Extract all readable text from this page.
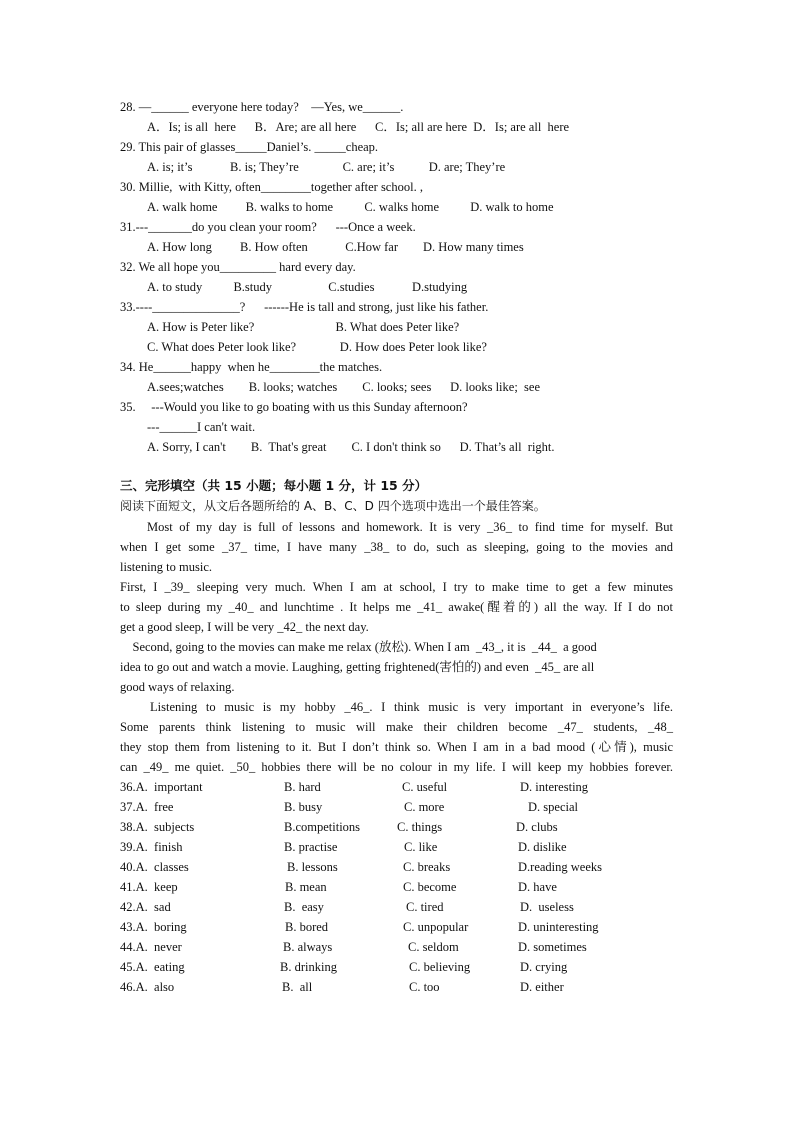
28. —______ everyone here today?    —Yes, we______.
A．Is; is all  here      B．Are; are all here      C．Is; all are here  D．Is; are all  here
29. This pair of glasses_____Daniel’s. _____cheap.
A. is; it’s            B. is; They’re              C. are; it’s           D. are; They’re
30. Millie,  with Kitty, often________together after school. ,
A. walk home         B. walks to home          C. walks home          D. walk to home
31.---_______do you clean your room?      ---Once a week.
A. How long         B. How often            C.How far        D. How many times
32. We all hope you_________ hard every day.
A. to study          B.study                  C.studies            D.studying
33.----______________?      ------He is tall and strong, just like his father.
A. How is Peter like?                          B. What does Peter like?
C. What does Peter look like?              D. How does Peter look like?
34. He______happy  when he________the matches.
A.sees;watches        B. looks; watches        C. looks; sees      D. looks like;  see
35.     ---Would you like to go boating with us this Sunday afternoon?
---______I can't wait.
A. Sorry, I can't        B.  That's great        C. I don't think so      D. That’s all  right.
三、完形填空（共 15 小题；每小题 1 分，计 15 分）
阅读下面短文，从文后各题所给的 A、B、C、D 四个选项中选出一个最佳答案。
Most of my day is full of lessons and homework. It is very _36_ to find time for myself. But
when I get some _37_ time, I have many _38_ to do, such as sleeping, going to the movies and
listening to music.
First, I _39_ sleeping very much. When I am at school, I try to make time to get a few minutes
to sleep during my _40_ and lunchtime . It helps me _41_ awake(醒着的) all the way. If I do not
get a good sleep, I will be very _42_ the next day.
Second, going to the movies can make me relax (放松). When I am  _43_, it is  _44_  a good
idea to go out and watch a movie. Laughing, getting frightened(害怕的) and even  _45_ are all
good ways of relaxing.
Listening to music is my hobby _46_. I think music is very important in everyone’s life.
Some parents think listening to music will make their children become _47_ students, _48_
they stop them from listening to it. But I don’t think so. When I am in a bad mood (心情), music
can _49_ me quiet. _50_ hobbies there will be no colour in my life. I will keep my hobbies forever.
36.A.  important	B. hard	C. useful	D. interesting
37.A.  free	B. busy	C. more	D. special
38.A.  subjects	B.competitions	C. things	D. clubs
39.A.  finish	B. practise	C. like	D. dislike
40.A.  classes	B. lessons	C. breaks	D.reading weeks
41.A.  keep	B. mean	C. become	D. have
42.A.  sad	B.  easy	C. tired	D.  useless
43.A.  boring	B. bored	C. unpopular	D. uninteresting
44.A.  never	B. always	C. seldom	D. sometimes
45.A.  eating	B. drinking	C. believing	D. crying
46.A.  also	B.  all	C. too	D. either
